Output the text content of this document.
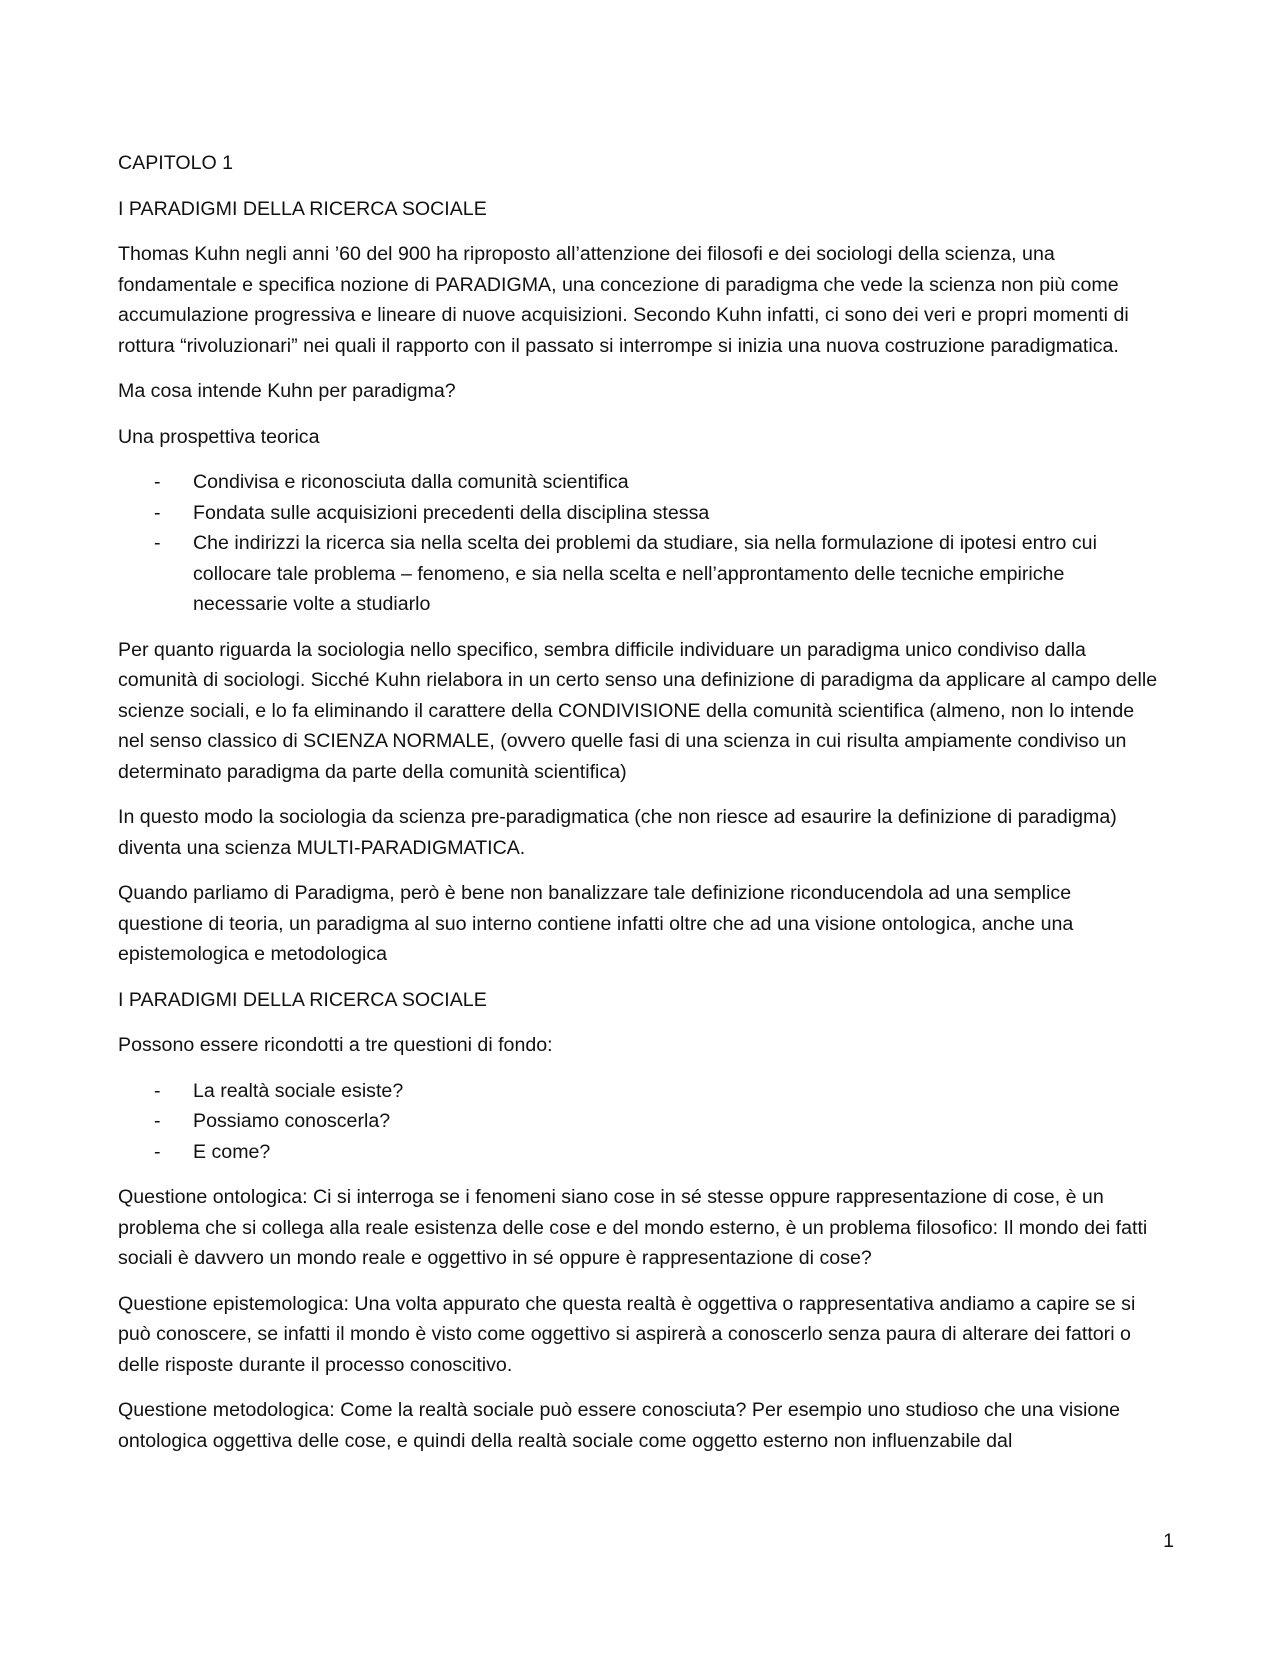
CAPITOLO 1

I PARADIGMI DELLA RICERCA SOCIALE

Thomas Kuhn negli anni ’60 del 900 ha riproposto all’attenzione dei filosofi e dei sociologi della scienza, una fondamentale e specifica nozione di PARADIGMA, una concezione di paradigma che vede la scienza non più come accumulazione progressiva e lineare di nuove acquisizioni. Secondo Kuhn infatti, ci sono dei veri e propri momenti di rottura “rivoluzionari” nei quali il rapporto con il passato si interrompe si inizia una nuova costruzione paradigmatica.

Ma cosa intende Kuhn per paradigma?

Una prospettiva teorica

- Condivisa e riconosciuta dalla comunità scientifica
- Fondata sulle acquisizioni precedenti della disciplina stessa
- Che indirizzi la ricerca sia nella scelta dei problemi da studiare, sia nella formulazione di ipotesi entro cui collocare tale problema – fenomeno, e sia nella scelta e nell’approntamento delle tecniche empiriche necessarie volte a studiarlo

Per quanto riguarda la sociologia nello specifico, sembra difficile individuare un paradigma unico condiviso dalla comunità di sociologi. Sicché Kuhn rielabora in un certo senso una definizione di paradigma da applicare al campo delle scienze sociali, e lo fa eliminando il carattere della CONDIVISIONE della comunità scientifica (almeno, non lo intende nel senso classico di SCIENZA NORMALE, (ovvero quelle fasi di una scienza in cui risulta ampiamente condiviso un determinato paradigma da parte della comunità scientifica)

In questo modo la sociologia da scienza pre-paradigmatica (che non riesce ad esaurire la definizione di paradigma) diventa una scienza MULTI-PARADIGMATICA.

Quando parliamo di Paradigma, però è bene non banalizzare tale definizione riconducendola ad una semplice questione di teoria, un paradigma al suo interno contiene infatti oltre che ad una visione ontologica, anche una epistemologica e metodologica

I PARADIGMI DELLA RICERCA SOCIALE

Possono essere ricondotti a tre questioni di fondo:

- La realtà sociale esiste?
- Possiamo conoscerla?
- E come?

Questione ontologica: Ci si interroga se i fenomeni siano cose in sé stesse oppure rappresentazione di cose, è un problema che si collega alla reale esistenza delle cose e del mondo esterno, è un problema filosofico: Il mondo dei fatti sociali è davvero un mondo reale e oggettivo in sé oppure è rappresentazione di cose?

Questione epistemologica: Una volta appurato che questa realtà è oggettiva o rappresentativa andiamo a capire se si può conoscere, se infatti il mondo è visto come oggettivo si aspirerà a conoscerlo senza paura di alterare dei fattori o delle risposte durante il processo conoscitivo.

Questione metodologica: Come la realtà sociale può essere conosciuta? Per esempio uno studioso che una visione ontologica oggettiva delle cose, e quindi della realtà sociale come oggetto esterno non influenzabile dal

1
